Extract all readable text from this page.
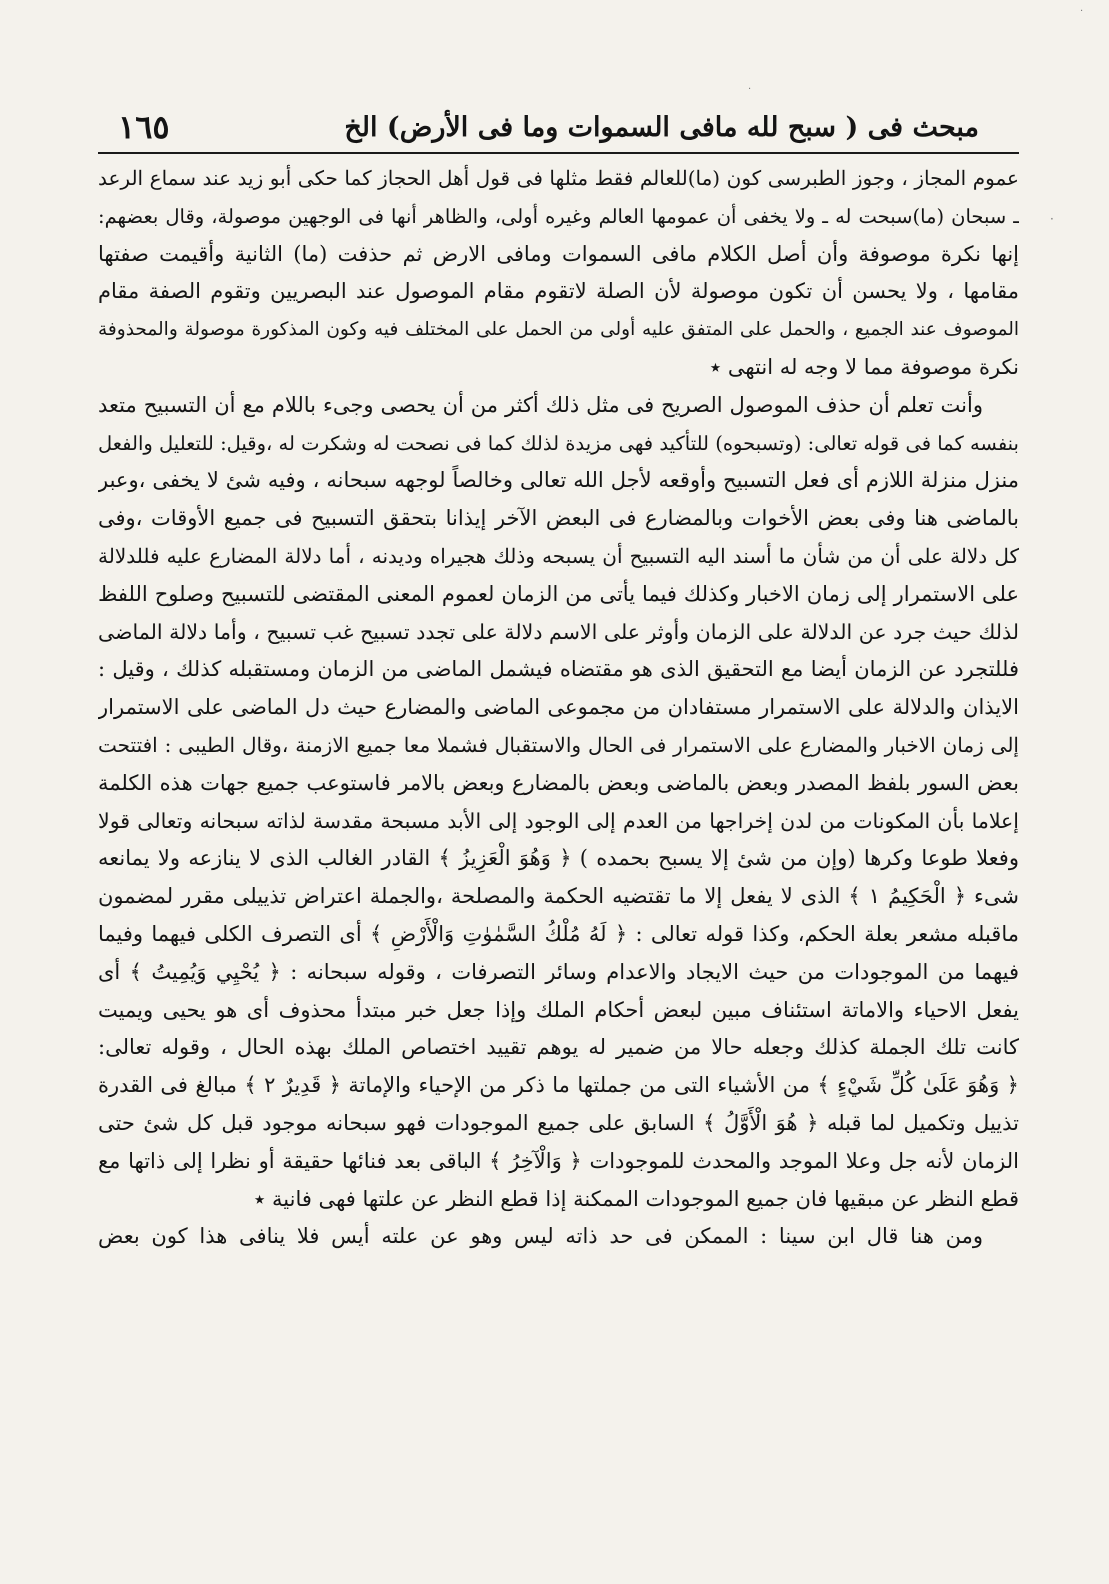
مبحث فى ( سبح لله مافى السموات وما فى الأرض) الخ
١٦٥
عموم المجاز ، وجوز الطبرسى كون (ما)للعالم فقط مثلها فى قول أهل الحجاز كما حكى أبو زيد عند سماع الرعد
ـ سبحان (ما)سبحت له ـ ولا يخفى أن عمومها العالم وغيره أولى، والظاهر أنها فى الوجهين موصولة، وقال بعضهم:
إنها نكرة موصوفة وأن أصل الكلام مافى السموات ومافى الارض ثم حذفت (ما) الثانية وأقيمت صفتها
مقامها ، ولا يحسن أن تكون موصولة لأن الصلة لاتقوم مقام الموصول عند البصريين وتقوم الصفة مقام
الموصوف عند الجميع ، والحمل على المتفق عليه أولى من الحمل على المختلف فيه وكون المذكورة موصولة والمحذوفة
نكرة موصوفة مما لا وجه له انتهى ٭
وأنت تعلم أن حذف الموصول الصريح فى مثل ذلك أكثر من أن يحصى وجىء باللام مع أن التسبيح متعد
بنفسه كما فى قوله تعالى: (وتسبحوه) للتأكيد فهى مزيدة لذلك كما فى نصحت له وشكرت له ،وقيل: للتعليل والفعل
منزل منزلة اللازم أى فعل التسبيح وأوقعه لأجل الله تعالى وخالصاً لوجهه سبحانه ، وفيه شئ لا يخفى ،وعبر
بالماضى هنا وفى بعض الأخوات وبالمضارع فى البعض الآخر إيذانا بتحقق التسبيح فى جميع الأوقات ،وفى
كل دلالة على أن من شأن ما أسند اليه التسبيح أن يسبحه وذلك هجيراه وديدنه ، أما دلالة المضارع عليه فللدلالة
على الاستمرار إلى زمان الاخبار وكذلك فيما يأتى من الزمان لعموم المعنى المقتضى للتسبيح وصلوح اللفظ
لذلك حيث جرد عن الدلالة على الزمان وأوثر على الاسم دلالة على تجدد تسبيح غب تسبيح ، وأما دلالة الماضى
فللتجرد عن الزمان أيضا مع التحقيق الذى هو مقتضاه فيشمل الماضى من الزمان ومستقبله كذلك ، وقيل :
الايذان والدلالة على الاستمرار مستفادان من مجموعى الماضى والمضارع حيث دل الماضى على الاستمرار
إلى زمان الاخبار والمضارع على الاستمرار فى الحال والاستقبال فشملا معا جميع الازمنة ،وقال الطيبى : افتتحت
بعض السور بلفظ المصدر وبعض بالماضى وبعض بالمضارع وبعض بالامر فاستوعب جميع جهات هذه الكلمة
إعلاما بأن المكونات من لدن إخراجها من العدم إلى الوجود إلى الأبد مسبحة مقدسة لذاته سبحانه وتعالى قولا
وفعلا طوعا وكرها (وإن من شئ إلا يسبح بحمده ) ﴿ وَهُوَ الْعَزِيزُ ﴾ القادر الغالب الذى لا ينازعه ولا يمانعه
شىء ﴿ الْحَكِيمُ ١ ﴾ الذى لا يفعل إلا ما تقتضيه الحكمة والمصلحة ،والجملة اعتراض تذييلى مقرر لمضمون
ماقبله مشعر بعلة الحكم، وكذا قوله تعالى : ﴿ لَهُ مُلْكُ السَّمٰوٰتِ وَالْأَرْضِ ﴾ أى التصرف الكلى فيهما وفيما
فيهما من الموجودات من حيث الايجاد والاعدام وسائر التصرفات ، وقوله سبحانه : ﴿ يُحْيِي وَيُمِيتُ ﴾ أى
يفعل الاحياء والاماتة استئناف مبين لبعض أحكام الملك وإذا جعل خبر مبتدأ محذوف أى هو يحيى ويميت
كانت تلك الجملة كذلك وجعله حالا من ضمير له يوهم تقييد اختصاص الملك بهذه الحال ، وقوله تعالى:
﴿ وَهُوَ عَلَىٰ كُلِّ شَيْءٍ ﴾ من الأشياء التى من جملتها ما ذكر من الإحياء والإماتة ﴿ قَدِيرٌ ٢ ﴾ مبالغ فى القدرة
تذييل وتكميل لما قبله ﴿ هُوَ الْأَوَّلُ ﴾ السابق على جميع الموجودات فهو سبحانه موجود قبل كل شئ حتى
الزمان لأنه جل وعلا الموجد والمحدث للموجودات ﴿ وَالْآخِرُ ﴾ الباقى بعد فنائها حقيقة أو نظرا إلى ذاتها مع
قطع النظر عن مبقيها فان جميع الموجودات الممكنة إذا قطع النظر عن علتها فهى فانية ٭
ومن هنا قال ابن سينا : الممكن فى حد ذاته ليس وهو عن علته أيس فلا ينافى هذا كون بعض
·
·
·
